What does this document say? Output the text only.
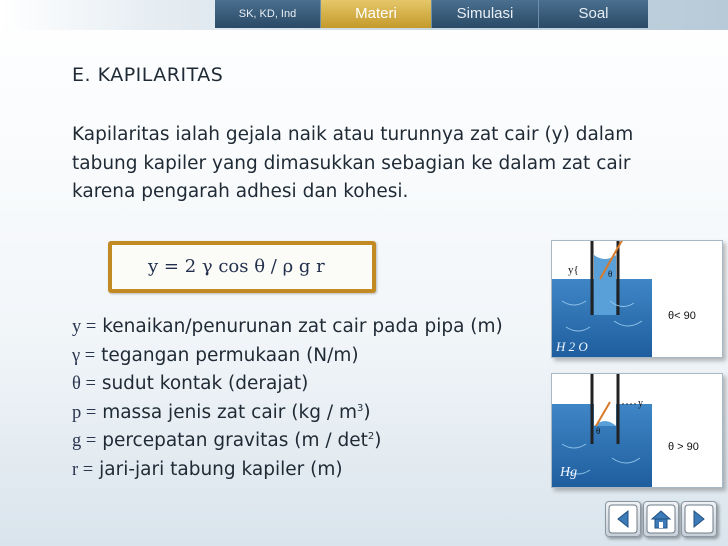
SK, KD, Ind	Materi	Simulasi	Soal
E. KAPILARITAS
Kapilaritas ialah gejala naik atau turunnya zat cair (y) dalam tabung kapiler yang dimasukkan sebagian ke dalam zat cair karena pengarah adhesi dan kohesi.
y = 2 γ cos θ / ρ g r
y = kenaikan/penurunan zat cair pada pipa (m)
γ = tegangan permukaan (N/m)
θ = sudut kontak (derajat)
p = massa jenis zat cair $(kg / m^3)$
g = percepatan gravitas $(m / \det^2)$
r = jari-jari tabung kapiler (m)
y{	θ
θ< 90
H 2 O
y
θ
θ > 90
Hg
